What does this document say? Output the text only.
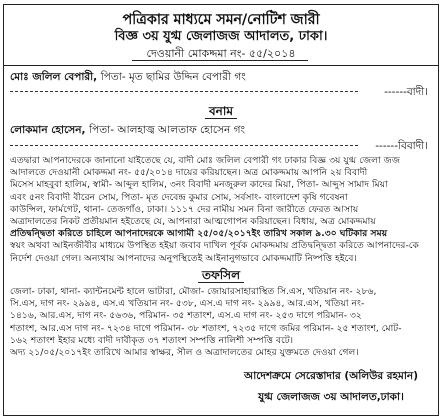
পত্রিকার মাধ্যমে সমন/নোটিশ জারী
বিজ্ঞ ৩য় যুগ্ম জেলাজজ আদালত, ঢাকা।
দেওয়ানী মোকদ্দমা নং- ৫৫/২০১৪
মোঃ জলিল বেপারী, পিতা- মৃত ছামির উদ্দিন বেপারী গং
------বাদী।
বনাম
লোকমান হোসেন, পিতা- আলহাজ্ব আলতাফ হোসেন গং
------বিবাদী।
এতদ্বারা আপনাদেরকে জানানো যাইতেছে যে, বাদী মোঃ জলিল বেপারী গং ঢাকার বিজ্ঞ ৩য় যুগ্ম জেলা জজ
আদালতে দেওয়ানী মোকদ্দমা নং- ৫৫/২০১৪ দায়ের করিয়াছেন। অত্র মোকদ্দমায় আপনি ২য় বিবাদী
মিসেস মাহবুবা হালিম, স্বামী- আব্দুল হালিম, ৩নং বিবাদী মনজুরুল কাদের মিয়া, পিতা- আব্দুস সামাদ মিয়া
এবং ৫নং বিবাদী বীরেন সোম, পিতা- মৃত দেবেন্দ্র কুমার সোম, সর্বসাং- বাংলাদেশ কৃষি গবেষনা
কাউন্সিল, ফার্মগেট, থানা- তেজগাঁও, ঢাকা। ১১১৭ দের নামীয় সমন বিনা জারীতে ফেরত আসায়
অত্রাদালতের নিকট প্রতীয়মান হইতেছে যে, আপনারা আত্মগোপন করিয়াছেন। বিধায়, অত্র মোকদ্দমায়
প্রতিদ্বন্দ্বিতা করিতে চাহিলে আপনাদেরকে আগামী ২৫/০৫/২০১৭ইং তারিখ সকাল ৯.৩০ ঘটিকার সময়
স্বয়ং অথবা আইনজীবীর মাধ্যমে উপস্থিত হইয়া জবাব দাখিল পূর্বক মোকদ্দমায় প্রতিদ্বন্দ্বিতা করিতে আপনাদের-কে
নির্দেশ দেওয়া গেল। অন্যথায় আপনাদের অনুপস্থিতেই আইনানুগভাবে মোকদ্দমাটি নিষ্পত্তি হইবে।
তফসিল
জেলা- ঢাকা, থানা- ক্যান্টনমেন্ট হালে ভাটারা, মৌজা- জোয়ারসাহারাস্থিত সি.এস, খতিয়ান নং- ২৮৬,
সি.এস, দাগ নং- ২৯৯৪, এস.এ খতিয়ান নং- ৫৩৮, এস.এ দাগ নং- ২৯৯৪, আর.এস, খতিয়া নং-
১৪১৬, আর.এস, দাগ নং- ৫৬৩৬, পরিমান- ৩৫ শতাংশ, এস.এ দাগ নং- ২৫৩ দাগে পরিমান- ৩২
শতাংশ, আর.এস দাগ নং- ৭২৩৪ দাগে পরিমান- ৩৮ শতাংশ, ৭২৩৫ দাগে জমির পরিমান- ২৫ শতাংশ, মোট-
১৬২ শতাংশ ইহার মধ্যে বাদী দাবীকৃত ৩৭ শতাংশ সম্পত্তি নালিশী সম্পত্তি বটে।
অদ্য ২১/০৫/২০১৭ইং তারিখে আমার স্বাক্ষর, সীল ও অত্রাদালতের মোহর যুক্তমতে দেওয়া গেল।
আদেশক্রমে সেরেস্তাদার (অলিউর রহমান)
যুগ্ম জেলাজজ ৩য় আদালত,ঢাকা।
